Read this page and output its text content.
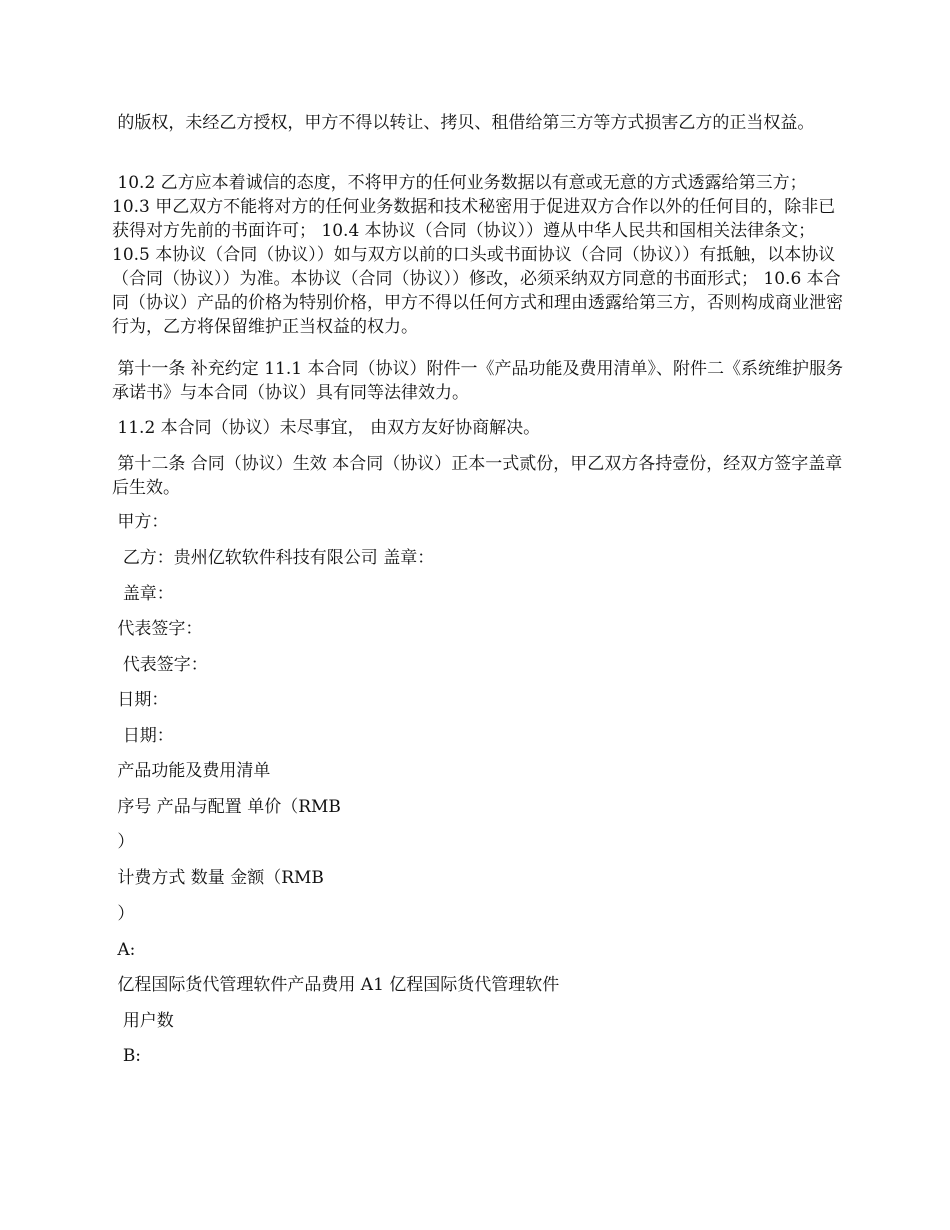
的版权，未经乙方授权，甲方不得以转让、拷贝、租借给第三方等方式损害乙方的正当权益。

10.2 乙方应本着诚信的态度，不将甲方的任何业务数据以有意或无意的方式透露给第三方； 10.3 甲乙双方不能将对方的任何业务数据和技术秘密用于促进双方合作以外的任何目的，除非已获得对方先前的书面许可； 10.4 本协议（合同（协议））遵从中华人民共和国相关法律条文； 10.5 本协议（合同（协议））如与双方以前的口头或书面协议（合同（协议））有抵触，以本协议（合同（协议））为准。本协议（合同（协议））修改，必须采纳双方同意的书面形式； 10.6 本合同（协议）产品的价格为特别价格，甲方不得以任何方式和理由透露给第三方，否则构成商业泄密行为，乙方将保留维护正当权益的权力。

第十一条 补充约定 11.1 本合同（协议）附件一《产品功能及费用清单》、附件二《系统维护服务承诺书》与本合同（协议）具有同等法律效力。

11.2 本合同（协议）未尽事宜， 由双方友好协商解决。

第十二条 合同（协议）生效 本合同（协议）正本一式贰份，甲乙双方各持壹份，经双方签字盖章后生效。

甲方：

乙方：贵州亿软软件科技有限公司 盖章：

盖章：

代表签字：

代表签字：

日期：

日期：

产品功能及费用清单

序号 产品与配置 单价（RMB

）

计费方式 数量 金额（RMB

）

A:

亿程国际货代管理软件产品费用 A1 亿程国际货代管理软件

用户数

B:
